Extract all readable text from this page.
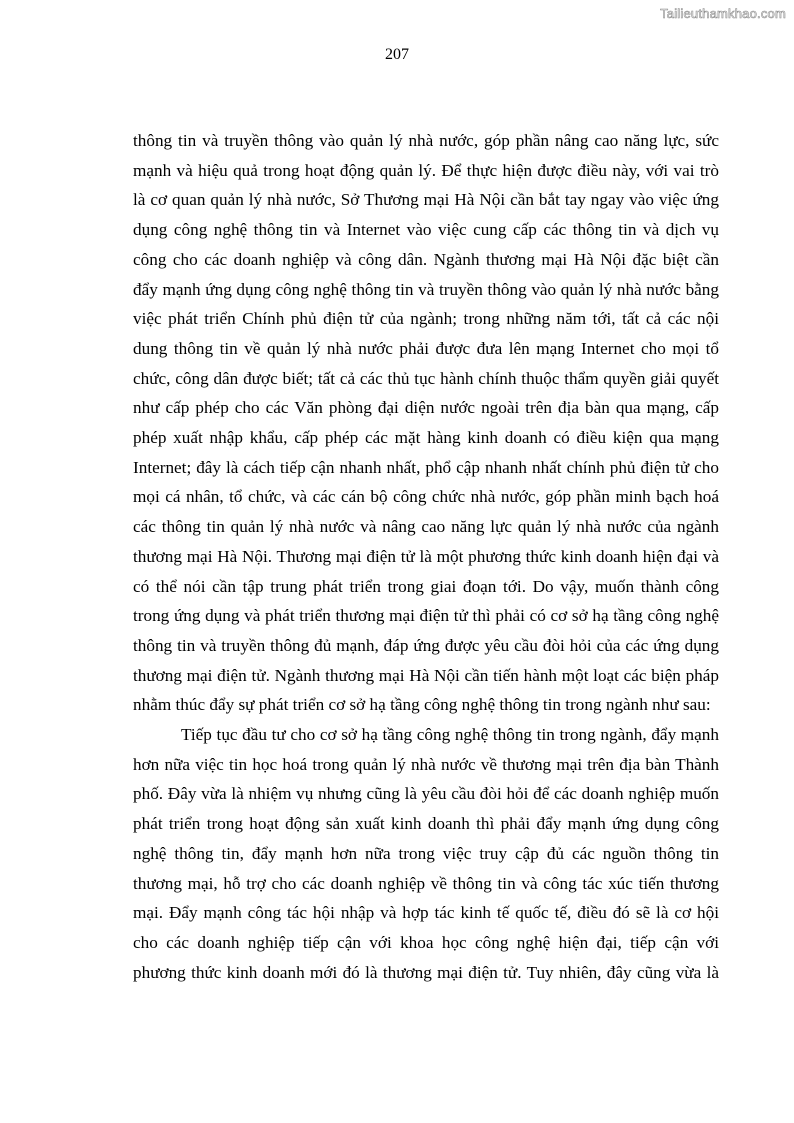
Tailieuthamkhao.com
207

thông tin và truyền thông vào quản lý nhà nước, góp phần nâng cao năng lực, sức
mạnh và hiệu quả trong hoạt động quản lý. Để thực hiện được điều này, với vai trò
là cơ quan quản lý nhà nước, Sở Thương mại Hà Nội cần bắt tay ngay vào việc ứng
dụng công nghệ thông tin và Internet vào việc cung cấp các thông tin và dịch vụ
công cho các doanh nghiệp và công dân. Ngành thương mại Hà Nội đặc biệt cần
đẩy mạnh ứng dụng công nghệ thông tin và truyền thông vào quản lý nhà nước bằng
việc phát triển Chính phủ điện tử của ngành; trong những năm tới, tất cả các nội
dung thông tin về quản lý nhà nước phải được đưa lên mạng Internet cho mọi tổ
chức, công dân được biết; tất cả các thủ tục hành chính thuộc thẩm quyền giải quyết
như cấp phép cho các Văn phòng đại diện nước ngoài trên địa bàn qua mạng, cấp
phép xuất nhập khẩu, cấp phép các mặt hàng kinh doanh có điều kiện qua mạng
Internet; đây là cách tiếp cận nhanh nhất, phổ cập nhanh nhất chính phủ điện tử cho
mọi cá nhân, tổ chức, và các cán bộ công chức nhà nước, góp phần minh bạch hoá
các thông tin quản lý nhà nước và nâng cao năng lực quản lý nhà nước của ngành
thương mại Hà Nội. Thương mại điện tử là một phương thức kinh doanh hiện đại và
có thể nói cần tập trung phát triển trong giai đoạn tới. Do vậy, muốn thành công
trong ứng dụng và phát triển thương mại điện tử thì phải có cơ sở hạ tầng công nghệ
thông tin và truyền thông đủ mạnh, đáp ứng được yêu cầu đòi hỏi của các ứng dụng
thương mại điện tử. Ngành thương mại Hà Nội cần tiến hành một loạt các biện pháp
nhằm thúc đẩy sự phát triển cơ sở hạ tầng công nghệ thông tin trong ngành như sau:

Tiếp tục đầu tư cho cơ sở hạ tầng công nghệ thông tin trong ngành, đẩy mạnh
hơn nữa việc tin học hoá trong quản lý nhà nước về thương mại trên địa bàn Thành
phố. Đây vừa là nhiệm vụ nhưng cũng là yêu cầu đòi hỏi để các doanh nghiệp muốn
phát triển trong hoạt động sản xuất kinh doanh thì phải đẩy mạnh ứng dụng công
nghệ thông tin, đẩy mạnh hơn nữa trong việc truy cập đủ các nguồn thông tin
thương mại, hỗ trợ cho các doanh nghiệp về thông tin và công tác xúc tiến thương
mại. Đẩy mạnh công tác hội nhập và hợp tác kinh tế quốc tế, điều đó sẽ là cơ hội
cho các doanh nghiệp tiếp cận với khoa học công nghệ hiện đại, tiếp cận với
phương thức kinh doanh mới đó là thương mại điện tử. Tuy nhiên, đây cũng vừa là
